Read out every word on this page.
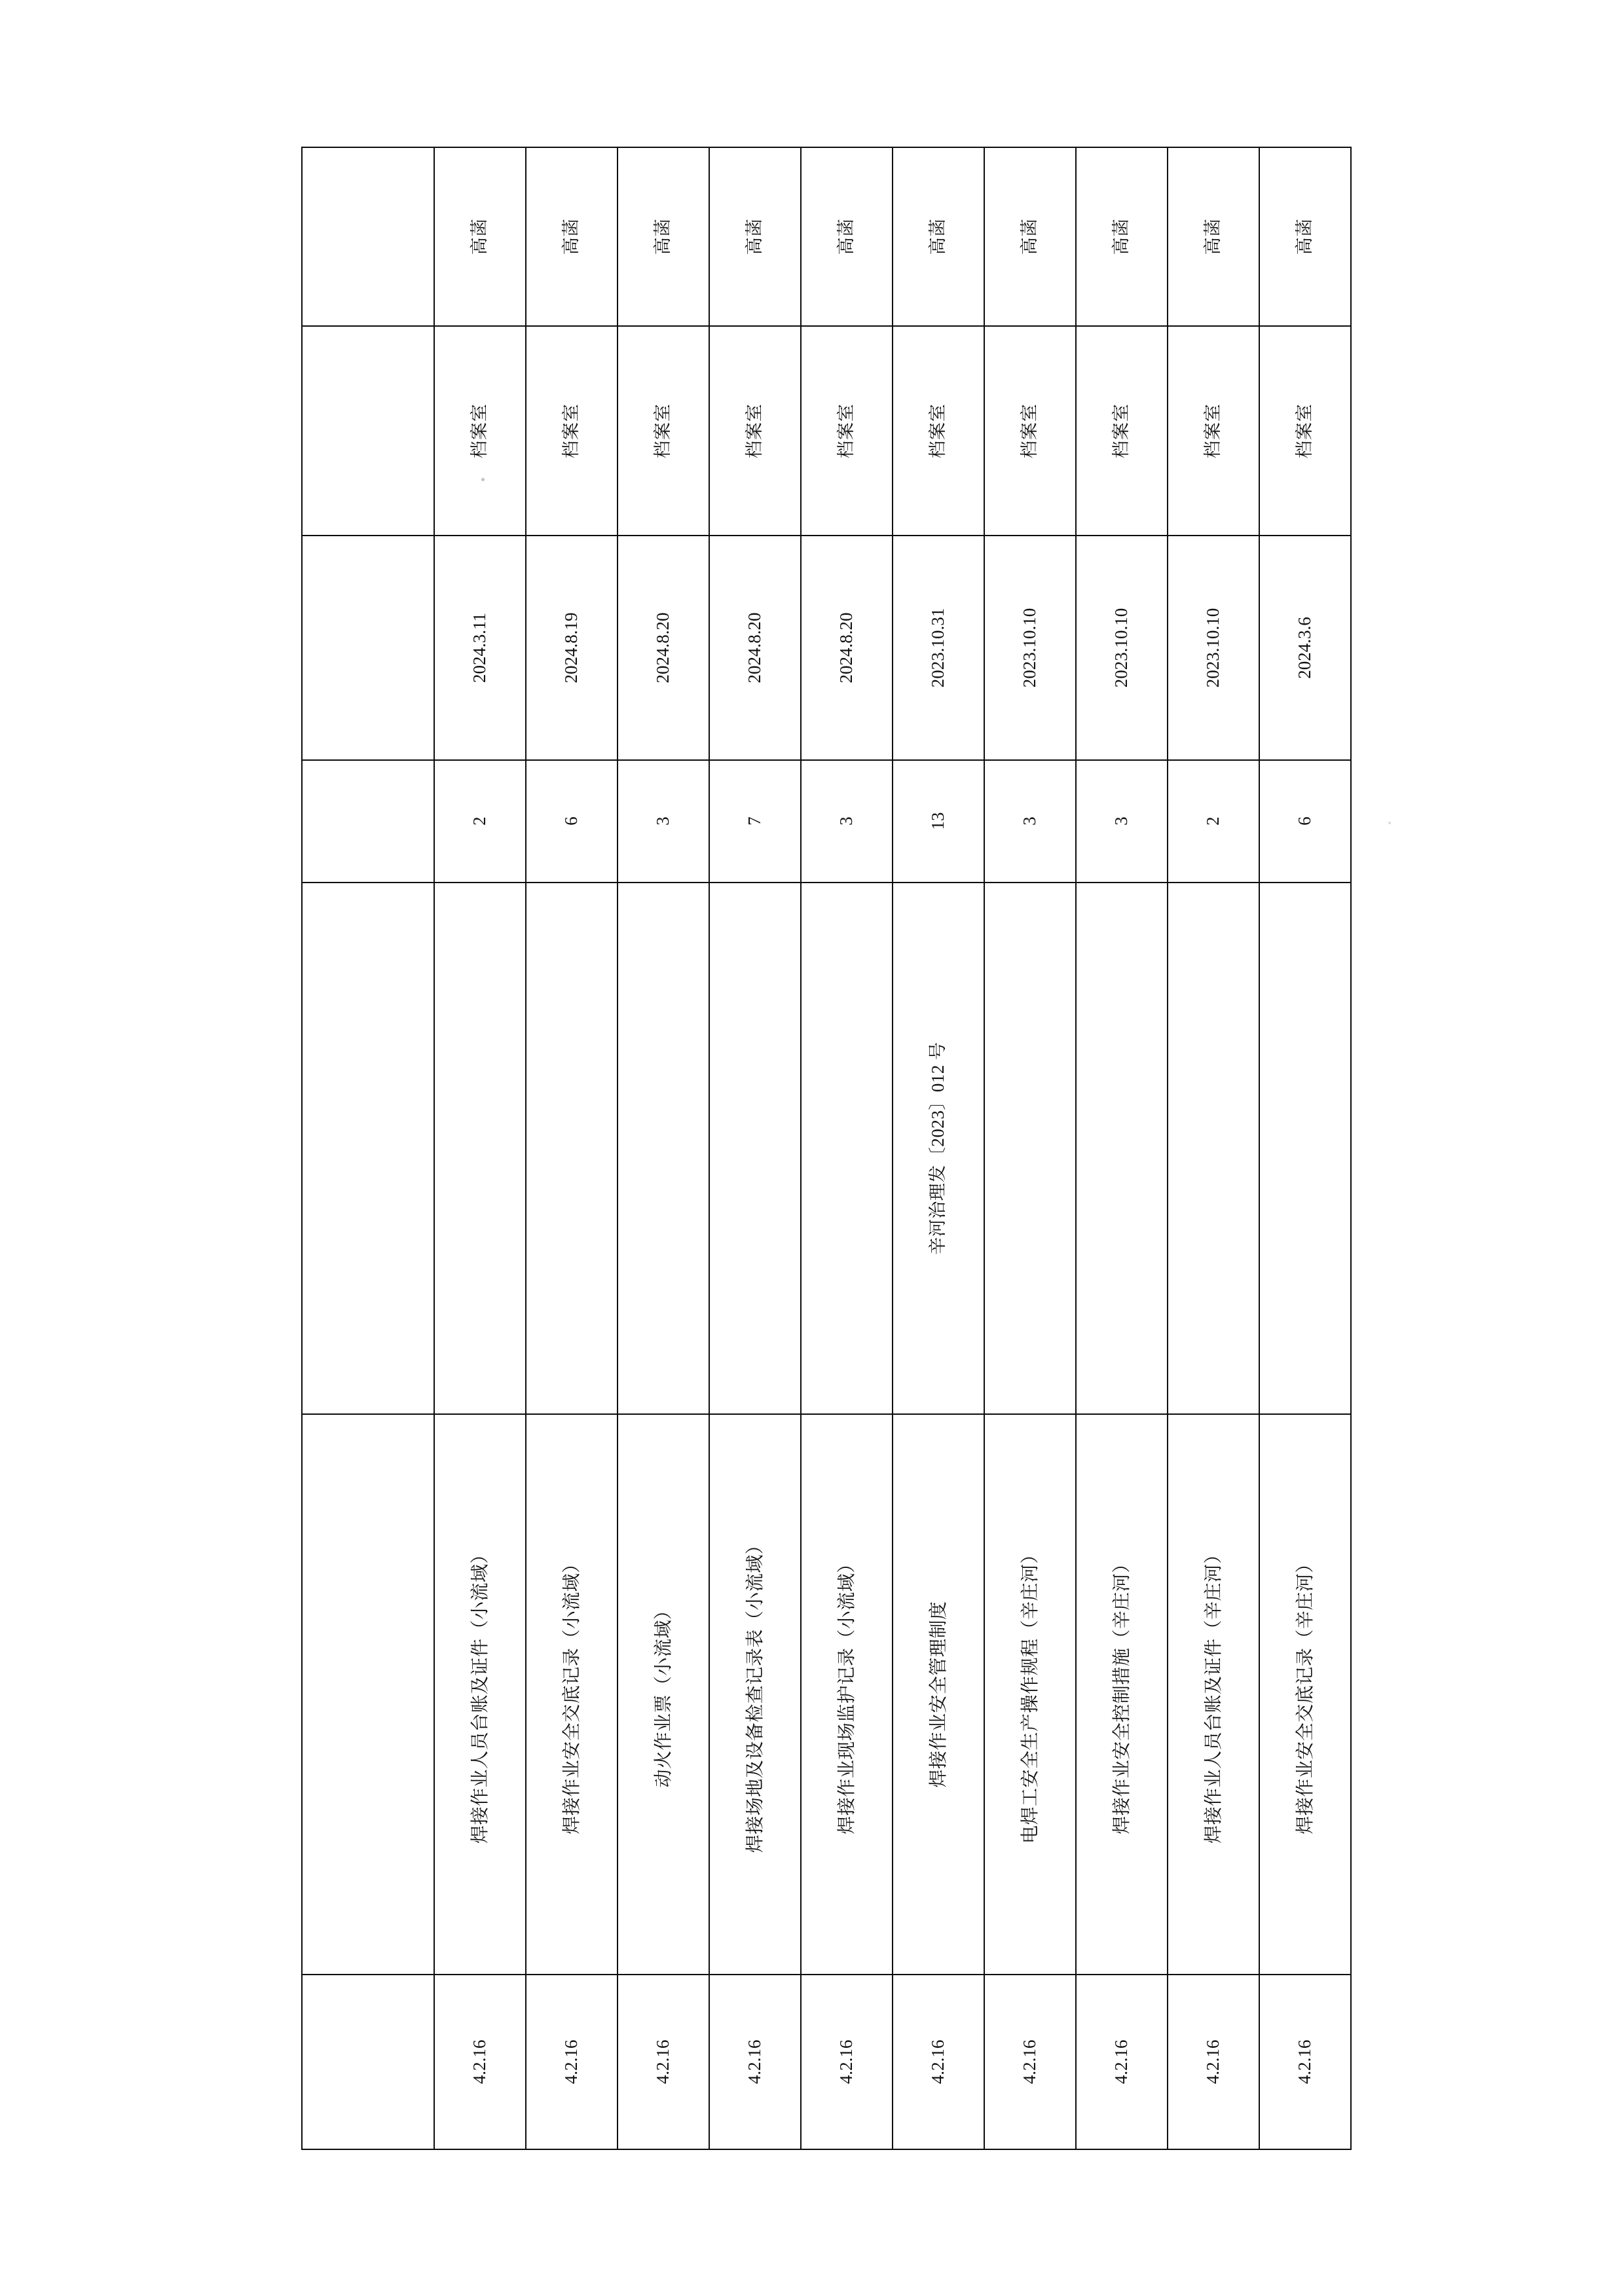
4.2.16	焊接作业人员台账及证件（小流域）		2	2024.3.11	档案室	高菡

4.2.16	焊接作业安全交底记录（小流域）		6	2024.8.19	档案室	高菡

4.2.16	动火作业票（小流域）		3	2024.8.20	档案室	高菡

4.2.16	焊接场地及设备检查记录表（小流域）		7	2024.8.20	档案室	高菡

4.2.16	焊接作业现场监护记录（小流域）		3	2024.8.20	档案室	高菡

4.2.16	焊接作业安全管理制度	辛河治理发〔2023〕012 号	13	2023.10.31	档案室	高菡

4.2.16	电焊工安全生产操作规程（辛庄河）		3	2023.10.10	档案室	高菡

4.2.16	焊接作业安全控制措施（辛庄河）		3	2023.10.10	档案室	高菡

4.2.16	焊接作业人员台账及证件（辛庄河）		2	2023.10.10	档案室	高菡

4.2.16	焊接作业安全交底记录（辛庄河）		6	2024.3.6	档案室	高菡
